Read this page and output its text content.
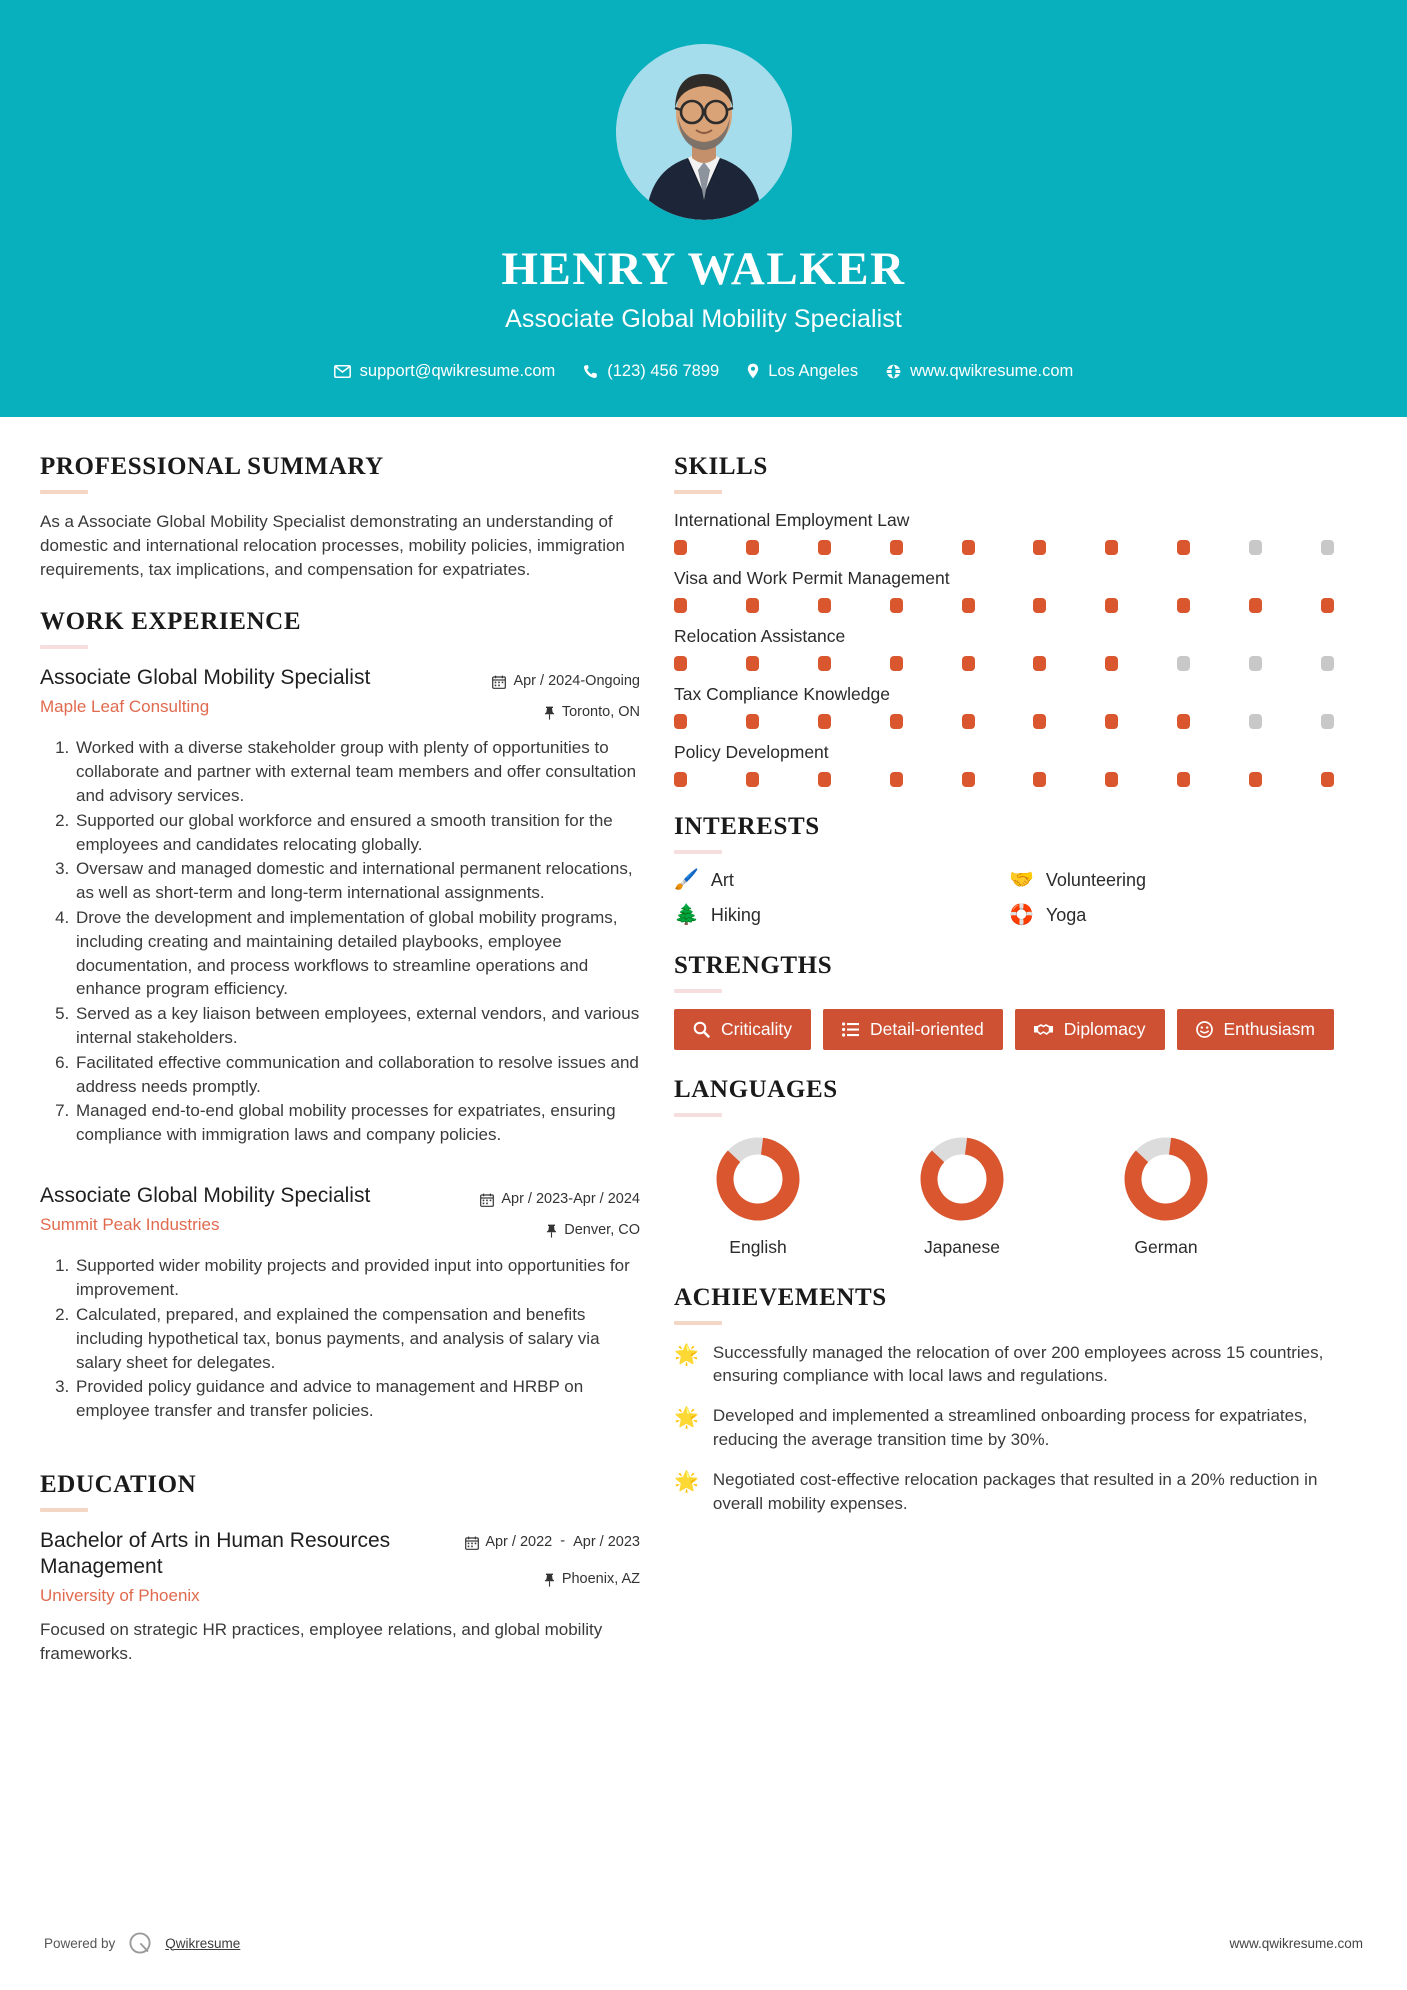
HENRY WALKER
Associate Global Mobility Specialist
support@qwikresume.com	(123) 456 7899	Los Angeles	www.qwikresume.com
PROFESSIONAL SUMMARY
As a Associate Global Mobility Specialist demonstrating an understanding of domestic and international relocation processes, mobility policies, immigration requirements, tax implications, and compensation for expatriates.
WORK EXPERIENCE
Associate Global Mobility Specialist
Maple Leaf Consulting
Apr / 2024-Ongoing
Toronto, ON
1. Worked with a diverse stakeholder group with plenty of opportunities to collaborate and partner with external team members and offer consultation and advisory services.
2. Supported our global workforce and ensured a smooth transition for the employees and candidates relocating globally.
3. Oversaw and managed domestic and international permanent relocations, as well as short-term and long-term international assignments.
4. Drove the development and implementation of global mobility programs, including creating and maintaining detailed playbooks, employee documentation, and process workflows to streamline operations and enhance program efficiency.
5. Served as a key liaison between employees, external vendors, and various internal stakeholders.
6. Facilitated effective communication and collaboration to resolve issues and address needs promptly.
7. Managed end-to-end global mobility processes for expatriates, ensuring compliance with immigration laws and company policies.
Associate Global Mobility Specialist
Summit Peak Industries
Apr / 2023-Apr / 2024
Denver, CO
1. Supported wider mobility projects and provided input into opportunities for improvement.
2. Calculated, prepared, and explained the compensation and benefits including hypothetical tax, bonus payments, and analysis of salary via salary sheet for delegates.
3. Provided policy guidance and advice to management and HRBP on employee transfer and transfer policies.
EDUCATION
Bachelor of Arts in Human Resources Management
University of Phoenix
Apr / 2022 - Apr / 2023
Phoenix, AZ
Focused on strategic HR practices, employee relations, and global mobility frameworks.
SKILLS
International Employment Law
Visa and Work Permit Management
Relocation Assistance
Tax Compliance Knowledge
Policy Development
INTERESTS
🖌️ Art	🤝 Volunteering
🌲 Hiking	🛟 Yoga
STRENGTHS
Criticality	Detail-oriented	Diplomacy	Enthusiasm
LANGUAGES
English	Japanese	German
ACHIEVEMENTS
🌟 Successfully managed the relocation of over 200 employees across 15 countries, ensuring compliance with local laws and regulations.
🌟 Developed and implemented a streamlined onboarding process for expatriates, reducing the average transition time by 30%.
🌟 Negotiated cost-effective relocation packages that resulted in a 20% reduction in overall mobility expenses.
Powered by	Qwikresume	www.qwikresume.com
